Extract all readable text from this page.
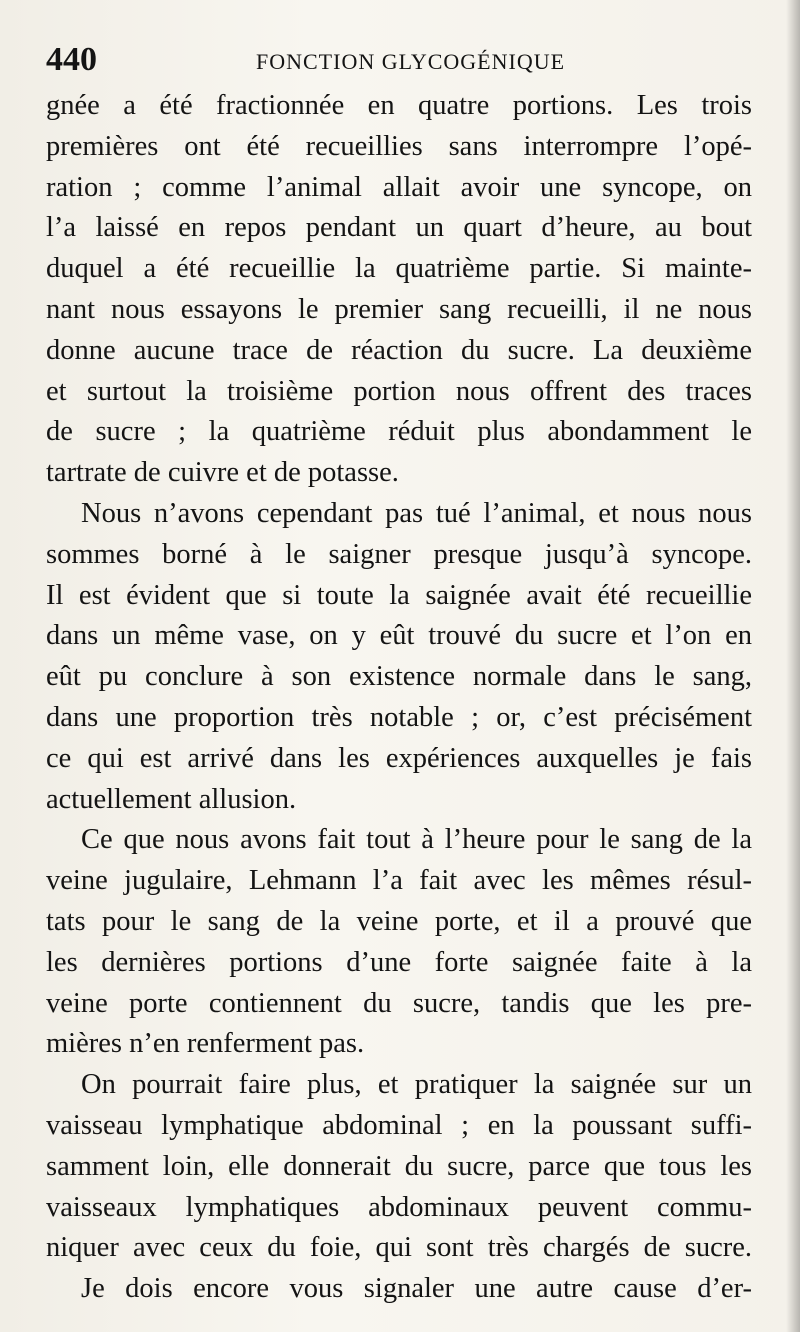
440	FONCTION GLYCOGÉNIQUE
gnée a été fractionnée en quatre portions. Les trois
premières ont été recueillies sans interrompre l’opé-
ration ; comme l’animal allait avoir une syncope, on
l’a laissé en repos pendant un quart d’heure, au bout
duquel a été recueillie la quatrième partie. Si mainte-
nant nous essayons le premier sang recueilli, il ne nous
donne aucune trace de réaction du sucre. La deuxième
et surtout la troisième portion nous offrent des traces
de sucre ; la quatrième réduit plus abondamment le
tartrate de cuivre et de potasse.
Nous n’avons cependant pas tué l’animal, et nous nous
sommes borné à le saigner presque jusqu’à syncope.
Il est évident que si toute la saignée avait été recueillie
dans un même vase, on y eût trouvé du sucre et l’on en
eût pu conclure à son existence normale dans le sang,
dans une proportion très notable ; or, c’est précisément
ce qui est arrivé dans les expériences auxquelles je fais
actuellement allusion.
Ce que nous avons fait tout à l’heure pour le sang de la
veine jugulaire, Lehmann l’a fait avec les mêmes résul-
tats pour le sang de la veine porte, et il a prouvé que
les dernières portions d’une forte saignée faite à la
veine porte contiennent du sucre, tandis que les pre-
mières n’en renferment pas.
On pourrait faire plus, et pratiquer la saignée sur un
vaisseau lymphatique abdominal ; en la poussant suffi-
samment loin, elle donnerait du sucre, parce que tous les
vaisseaux lymphatiques abdominaux peuvent commu-
niquer avec ceux du foie, qui sont très chargés de sucre.
Je dois encore vous signaler une autre cause d’er-
